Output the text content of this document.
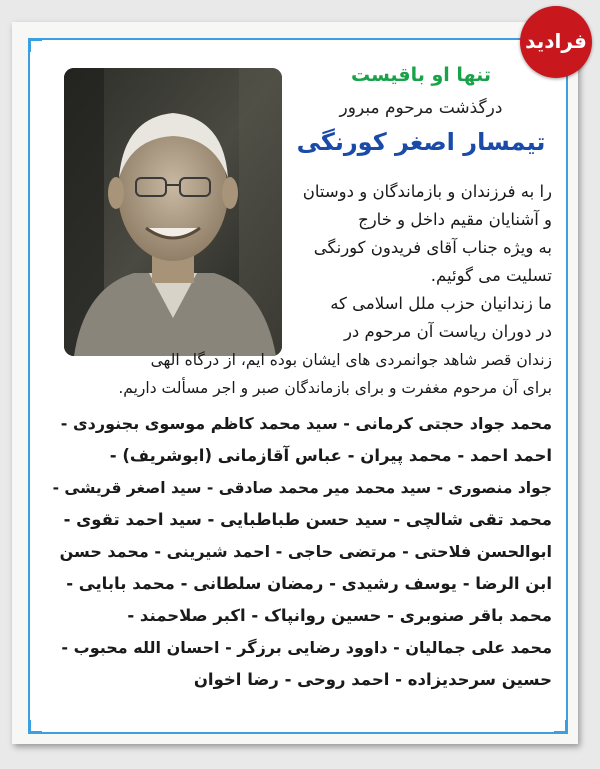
تنها او باقیست
درگذشت مرحوم مبرور
تیمسار اصغر کورنگی
را به فرزندان و بازماندگان و دوستان
و آشنایان مقیم داخل و خارج
به ویژه جناب آقای فریدون کورنگی
تسلیت می گوئیم.
ما زندانیان حزب ملل اسلامی که
در دوران ریاست آن مرحوم در
زندان قصر شاهد جوانمردی های ایشان بوده ایم، از درگاه الهی
برای آن مرحوم مغفرت و برای بازماندگان صبر و اجر مسألت داریم.
محمد جواد حجتی کرمانی - سید محمد کاظم موسوی بجنوردی -
احمد احمد - محمد پیران - عباس آقازمانی (ابوشریف) -
جواد منصوری - سید محمد میر محمد صادقی - سید اصغر قریشی -
محمد تقی شالچی - سید حسن طباطبایی - سید احمد تقوی -
ابوالحسن فلاحتی - مرتضی حاجی - احمد شیرینی - محمد حسن
ابن الرضا - یوسف رشیدی - رمضان سلطانی - محمد بابایی -
محمد باقر صنوبری - حسین روانپاک - اکبر صلاحمند -
محمد علی جمالیان - داوود رضایی برزگر - احسان الله محبوب -
حسین سرحدیزاده - احمد روحی - رضا اخوان
فرادید
